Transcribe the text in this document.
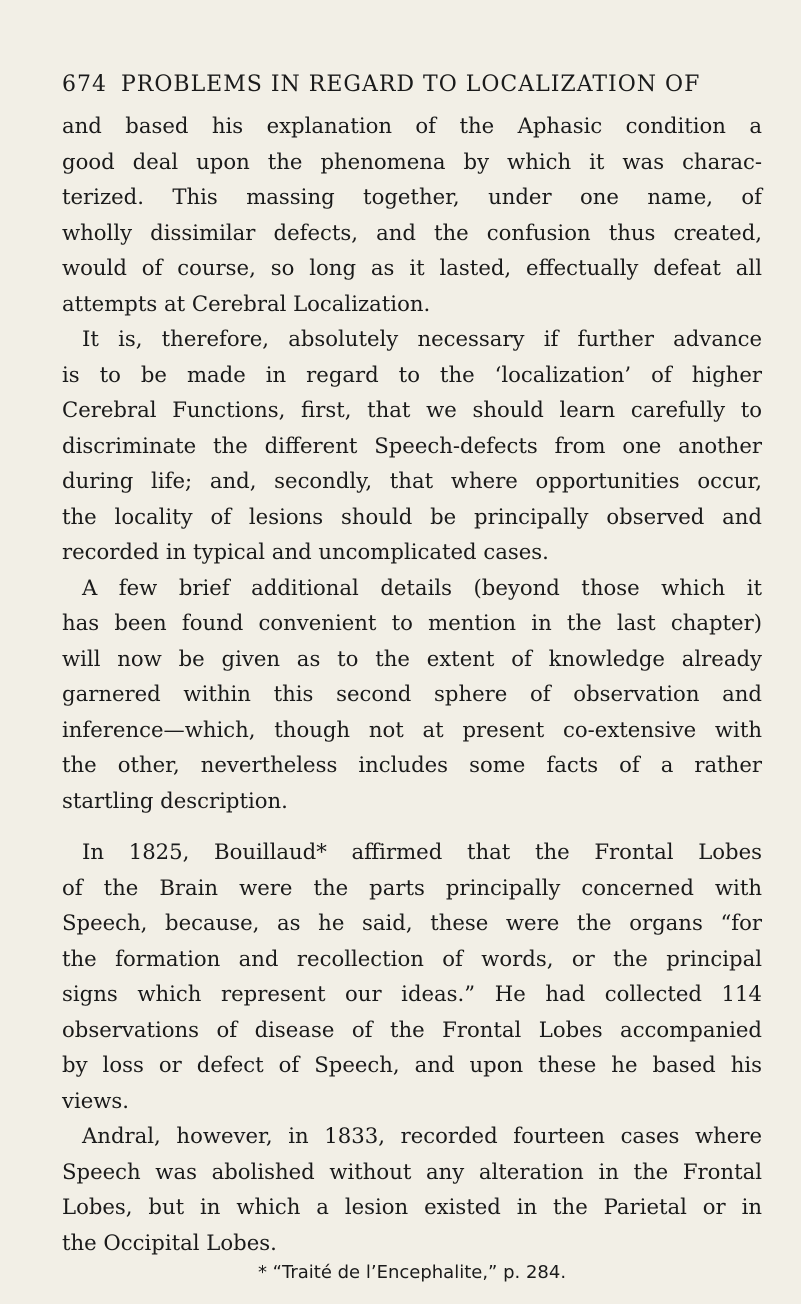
674 PROBLEMS IN REGARD TO LOCALIZATION OF
and based his explanation of the Aphasic condition a
good deal upon the phenomena by which it was charac-
terized. This massing together, under one name, of
wholly dissimilar defects, and the confusion thus created,
would of course, so long as it lasted, effectually defeat all
attempts at Cerebral Localization.
It is, therefore, absolutely necessary if further advance
is to be made in regard to the ‘localization’ of higher
Cerebral Functions, first, that we should learn carefully to
discriminate the different Speech-defects from one another
during life; and, secondly, that where opportunities occur,
the locality of lesions should be principally observed and
recorded in typical and uncomplicated cases.
A few brief additional details (beyond those which it
has been found convenient to mention in the last chapter)
will now be given as to the extent of knowledge already
garnered within this second sphere of observation and
inference—which, though not at present co-extensive with
the other, nevertheless includes some facts of a rather
startling description.
In 1825, Bouillaud* affirmed that the Frontal Lobes
of the Brain were the parts principally concerned with
Speech, because, as he said, these were the organs “for
the formation and recollection of words, or the principal
signs which represent our ideas.” He had collected 114
observations of disease of the Frontal Lobes accompanied
by loss or defect of Speech, and upon these he based his
views.
Andral, however, in 1833, recorded fourteen cases where
Speech was abolished without any alteration in the Frontal
Lobes, but in which a lesion existed in the Parietal or in
the Occipital Lobes.
* “Traité de l’Encephalite,” p. 284.
